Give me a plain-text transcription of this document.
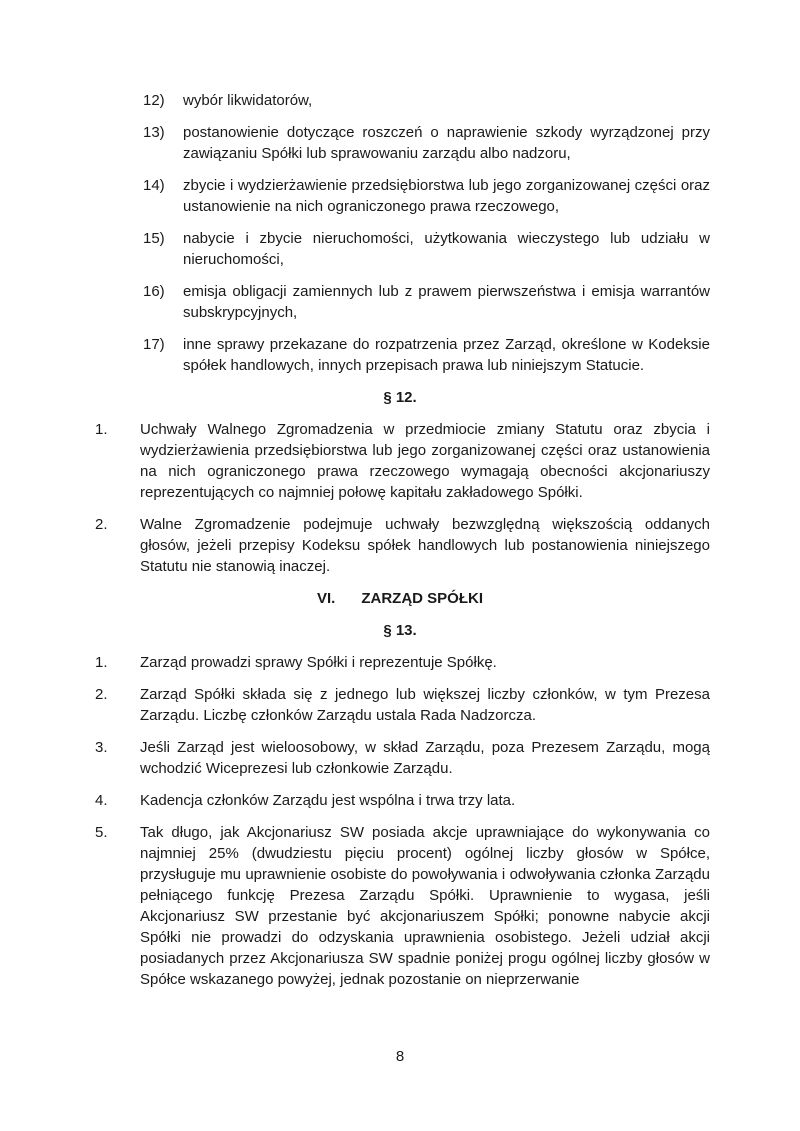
12)	wybór likwidatorów,
13)	postanowienie dotyczące roszczeń o naprawienie szkody wyrządzonej przy zawiązaniu Spółki lub sprawowaniu zarządu albo nadzoru,
14)	zbycie i wydzierżawienie przedsiębiorstwa lub jego zorganizowanej części oraz ustanowienie na nich ograniczonego prawa rzeczowego,
15)	nabycie i zbycie nieruchomości, użytkowania wieczystego lub udziału w nieruchomości,
16)	emisja obligacji zamiennych lub z prawem pierwszeństwa i emisja warrantów subskrypcyjnych,
17)	inne sprawy przekazane do rozpatrzenia przez Zarząd, określone w Kodeksie spółek handlowych, innych przepisach prawa lub niniejszym Statucie.
§ 12.
1.	Uchwały Walnego Zgromadzenia w przedmiocie zmiany Statutu oraz zbycia i wydzierżawienia przedsiębiorstwa lub jego zorganizowanej części oraz ustanowienia na nich ograniczonego prawa rzeczowego wymagają obecności akcjonariuszy reprezentujących co najmniej połowę kapitału zakładowego Spółki.
2.	Walne Zgromadzenie podejmuje uchwały bezwzględną większością oddanych głosów, jeżeli przepisy Kodeksu spółek handlowych lub postanowienia niniejszego Statutu nie stanowią inaczej.
VI. ZARZĄD SPÓŁKI
§ 13.
1.	Zarząd prowadzi sprawy Spółki i reprezentuje Spółkę.
2.	Zarząd Spółki składa się z jednego lub większej liczby członków, w tym Prezesa Zarządu. Liczbę członków Zarządu ustala Rada Nadzorcza.
3.	Jeśli Zarząd jest wieloosobowy, w skład Zarządu, poza Prezesem Zarządu, mogą wchodzić Wiceprezesi lub członkowie Zarządu.
4.	Kadencja członków Zarządu jest wspólna i trwa trzy lata.
5.	Tak długo, jak Akcjonariusz SW posiada akcje uprawniające do wykonywania co najmniej 25% (dwudziestu pięciu procent) ogólnej liczby głosów w Spółce, przysługuje mu uprawnienie osobiste do powoływania i odwoływania członka Zarządu pełniącego funkcję Prezesa Zarządu Spółki. Uprawnienie to wygasa, jeśli Akcjonariusz SW przestanie być akcjonariuszem Spółki; ponowne nabycie akcji Spółki nie prowadzi do odzyskania uprawnienia osobistego. Jeżeli udział akcji posiadanych przez Akcjonariusza SW spadnie poniżej progu ogólnej liczby głosów w Spółce wskazanego powyżej, jednak pozostanie on nieprzerwanie
8
